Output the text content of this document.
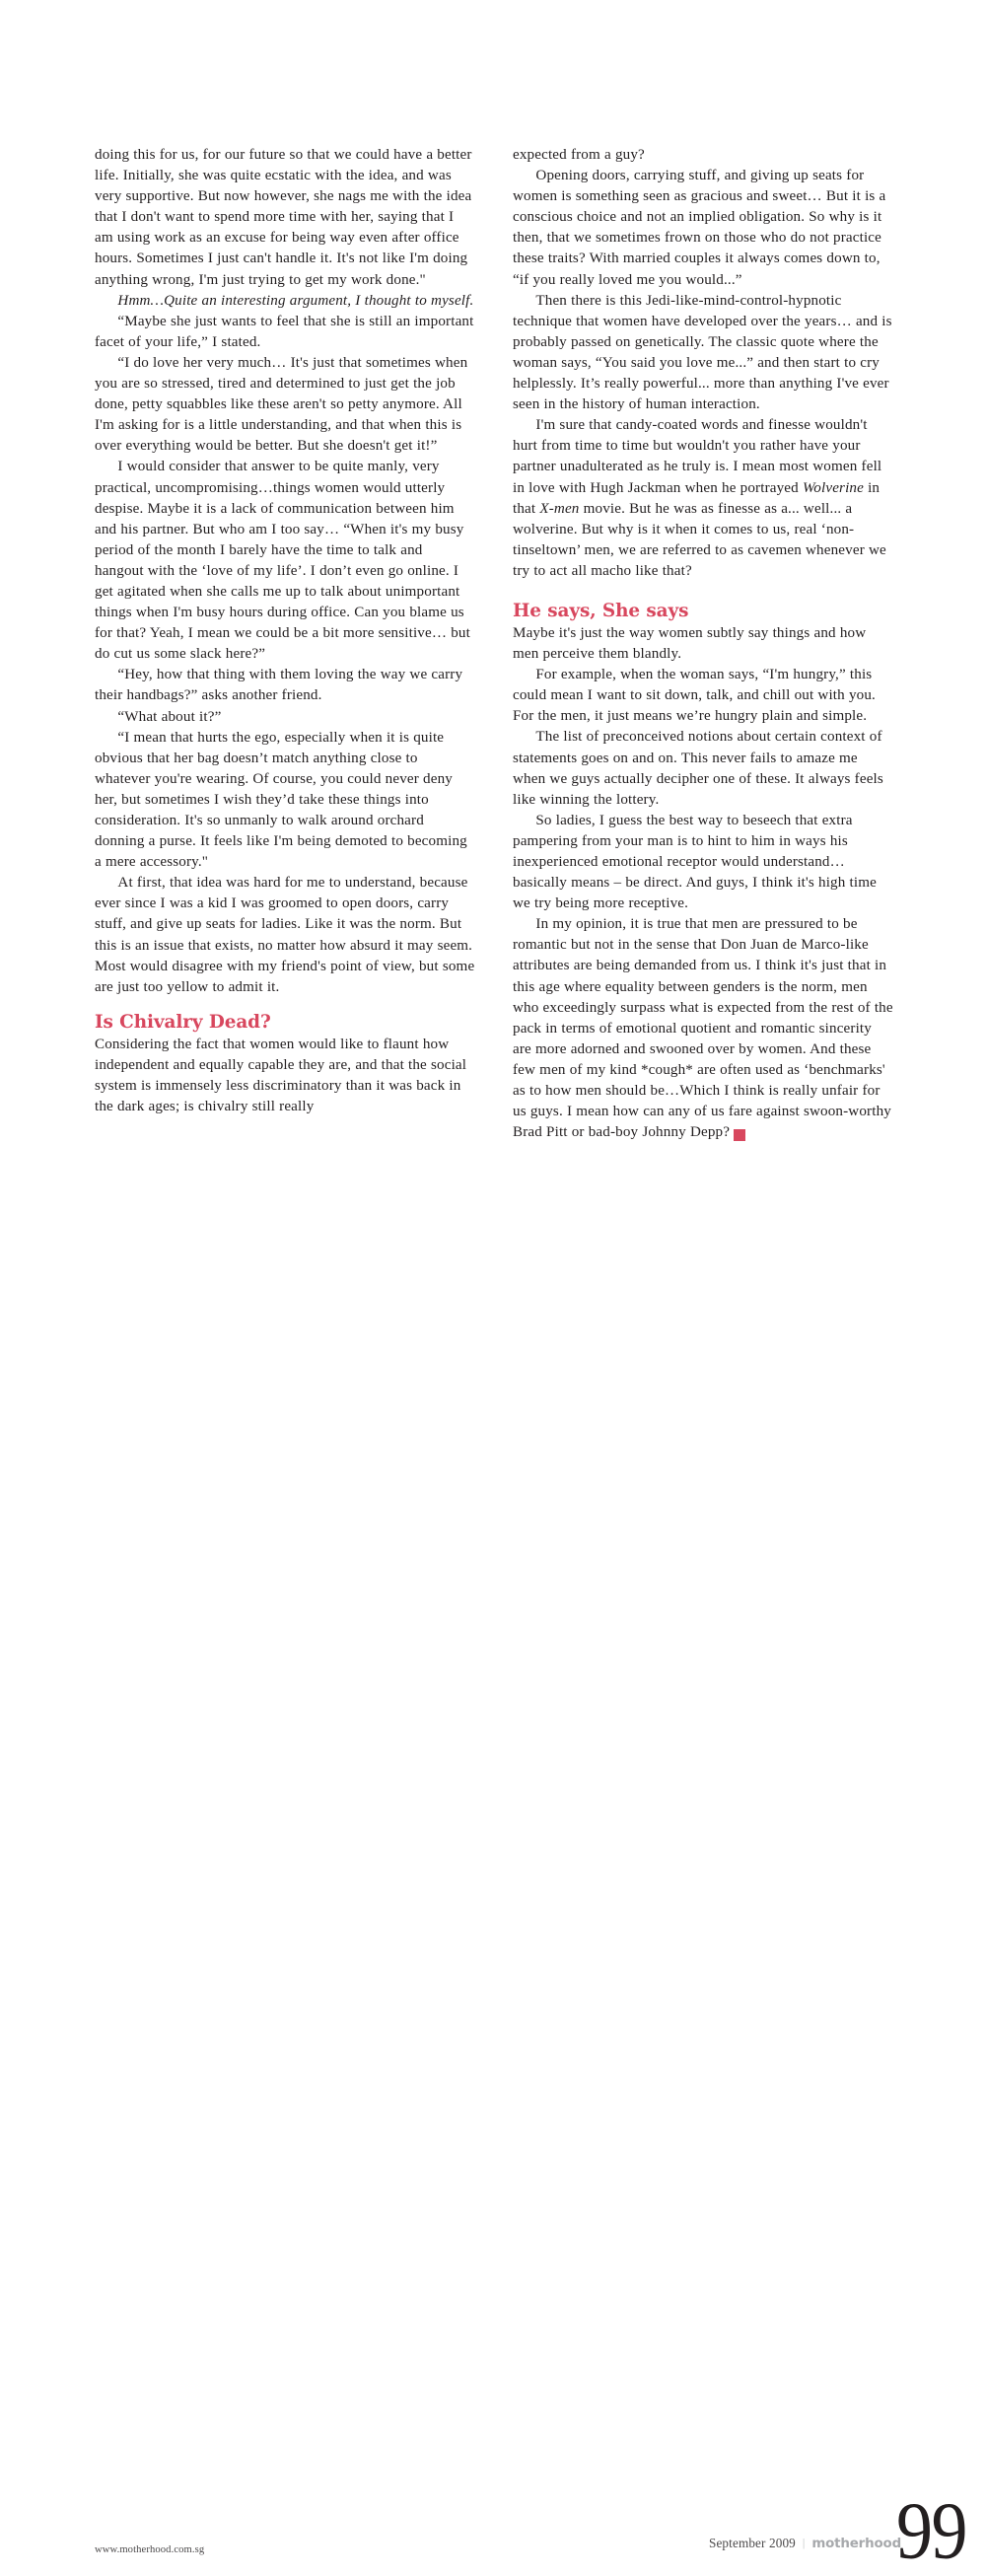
doing this for us, for our future so that we could have a better life. Initially, she was quite ecstatic with the idea, and was very supportive. But now however, she nags me with the idea that I don't want to spend more time with her, saying that I am using work as an excuse for being way even after office hours. Sometimes I just can't handle it. It's not like I'm doing anything wrong, I'm just trying to get my work done."

Hmm…Quite an interesting argument, I thought to myself.

“Maybe she just wants to feel that she is still an important facet of your life,” I stated.

“I do love her very much… It's just that sometimes when you are so stressed, tired and determined to just get the job done, petty squabbles like these aren't so petty anymore. All I'm asking for is a little understanding, and that when this is over everything would be better. But she doesn't get it!”

I would consider that answer to be quite manly, very practical, uncompromising…things women would utterly despise. Maybe it is a lack of communication between him and his partner. But who am I too say… “When it's my busy period of the month I barely have the time to talk and hangout with the ‘love of my life’. I don’t even go online. I get agitated when she calls me up to talk about unimportant things when I'm busy hours during office. Can you blame us for that? Yeah, I mean we could be a bit more sensitive… but do cut us some slack here?”

“Hey, how that thing with them loving the way we carry their handbags?” asks another friend.

“What about it?”

“I mean that hurts the ego, especially when it is quite obvious that her bag doesn’t match anything close to whatever you're wearing. Of course, you could never deny her, but sometimes I wish they’d take these things into consideration. It's so unmanly to walk around orchard donning a purse. It feels like I'm being demoted to becoming a mere accessory."

At first, that idea was hard for me to understand, because ever since I was a kid I was groomed to open doors, carry stuff, and give up seats for ladies. Like it was the norm. But this is an issue that exists, no matter how absurd it may seem. Most would disagree with my friend's point of view, but some are just too yellow to admit it.

Is Chivalry Dead?

Considering the fact that women would like to flaunt how independent and equally capable they are, and that the social system is immensely less discriminatory than it was back in the dark ages; is chivalry still really

expected from a guy?

Opening doors, carrying stuff, and giving up seats for women is something seen as gracious and sweet… But it is a conscious choice and not an implied obligation. So why is it then, that we sometimes frown on those who do not practice these traits? With married couples it always comes down to, “if you really loved me you would...”

Then there is this Jedi-like-mind-control-hypnotic technique that women have developed over the years… and is probably passed on genetically. The classic quote where the woman says, “You said you love me...” and then start to cry helplessly. It’s really powerful... more than anything I've ever seen in the history of human interaction.

I'm sure that candy-coated words and finesse wouldn't hurt from time to time but wouldn't you rather have your partner unadulterated as he truly is. I mean most women fell in love with Hugh Jackman when he portrayed Wolverine in that X-men movie. But he was as finesse as a... well... a wolverine. But why is it when it comes to us, real ‘non-tinseltown’ men, we are referred to as cavemen whenever we try to act all macho like that?

He says, She says

Maybe it's just the way women subtly say things and how men perceive them blandly.

For example, when the woman says, “I'm hungry,” this could mean I want to sit down, talk, and chill out with you. For the men, it just means we’re hungry plain and simple.

The list of preconceived notions about certain context of statements goes on and on. This never fails to amaze me when we guys actually decipher one of these. It always feels like winning the lottery.

So ladies, I guess the best way to beseech that extra pampering from your man is to hint to him in ways his inexperienced emotional receptor would understand… basically means – be direct. And guys, I think it's high time we try being more receptive.

In my opinion, it is true that men are pressured to be romantic but not in the sense that Don Juan de Marco-like attributes are being demanded from us. I think it's just that in this age where equality between genders is the norm, men who exceedingly surpass what is expected from the rest of the pack in terms of emotional quotient and romantic sincerity are more adorned and swooned over by women. And these few men of my kind *cough* are often used as ‘benchmarks' as to how men should be…Which I think is really unfair for us guys. I mean how can any of us fare against swoon-worthy Brad Pitt or bad-boy Johnny Depp?	m

www.motherhood.com.sg	September 2009 | motherhood
99
